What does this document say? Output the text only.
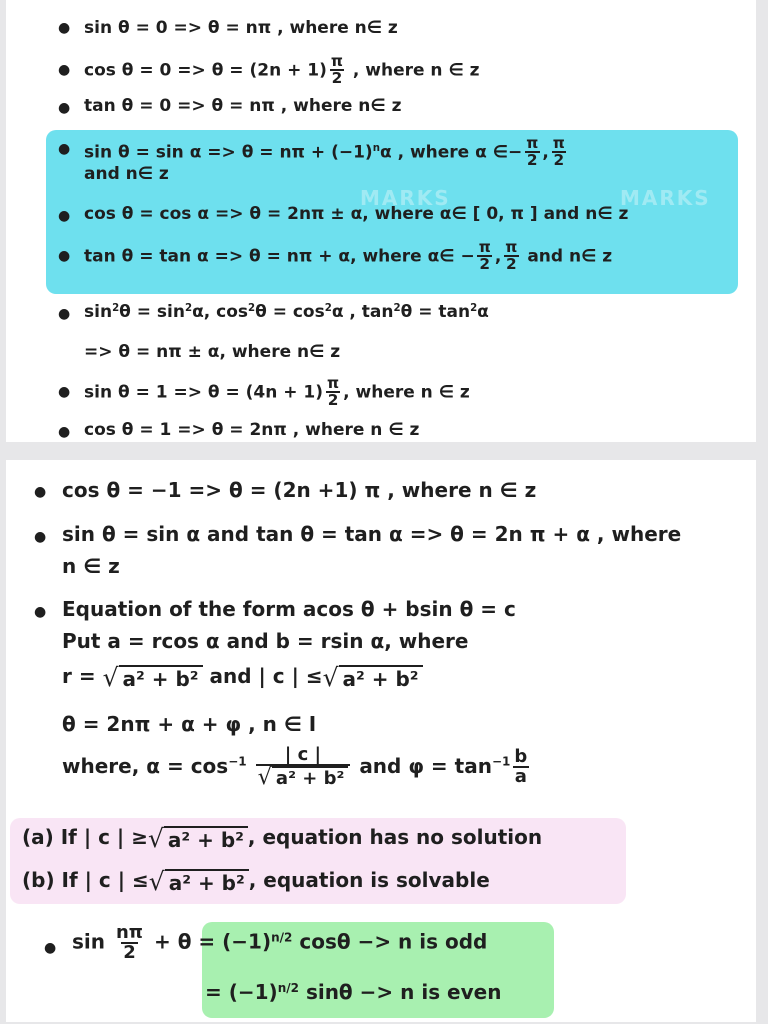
MARKS	MARKS
● sin θ = 0 => θ = nπ , where n∈ z
● $\cos \theta = 0 => \theta = (2n + 1) \frac{\pi}{2}$ , where n ∈ z
● tan θ = 0 => θ = nπ , where n∈ z
● $\sin \theta = \sin \alpha => \theta = n\pi + (-1)^n\alpha$ , where α ∈− $\frac{\pi}{2}$ , $\frac{\pi}{2}$
and n∈ z
● cos θ = cos α => θ = 2nπ ± α, where α∈ [ 0, π ] and n∈ z
● tan θ = tan α => θ = nπ + α, where α∈ − $\frac{\pi}{2}$ , $\frac{\pi}{2}$ and n∈ z
● $\sin^2\theta = \sin^2\alpha$, $\cos^2\theta = \cos^2\alpha$ , $\tan^2\theta = \tan^2\alpha$
=> θ = nπ ± α, where n∈ z
● $\sin \theta = 1 => \theta = (4n + 1) \frac{\pi}{2}$ , where n ∈ z
● cos θ = 1 => θ = 2nπ , where n ∈ z
● cos θ = −1 => θ = (2n +1) π , where n ∈ z
● sin θ = sin α and tan θ = tan α => θ = 2n π + α , where
n ∈ z
● Equation of the form acos θ + bsin θ = c
Put a = rcos α and b = rsin α, where
r = √ a² + b² and | c | ≤ √ a² + b²
θ = 2nπ + α + φ , n ∈ I
where, $\alpha = \cos^{-1} \frac{| c |}{\text{√ a² + b²}}$ and $\varphi = \tan^{-1} \frac{b}{a}$
(a) If | c | ≥ √ a² + b² , equation has no solution
(b) If | c | ≤ √ a² + b² , equation is solvable
● $\sin \frac{n\pi}{2} + \theta = (-1)^{n/2}$ cosθ −> n is odd
= $(-1)^{n/2}$ sinθ −> n is even
